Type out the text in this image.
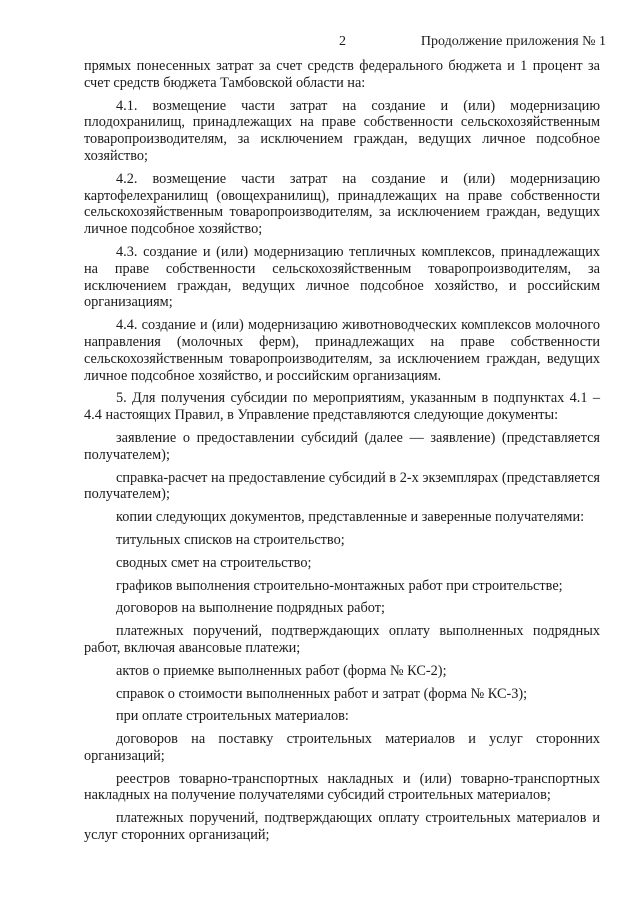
2	Продолжение приложения № 1

прямых понесенных затрат за счет средств федерального бюджета и 1 процент за счет средств бюджета Тамбовской области на:

4.1. возмещение части затрат на создание и (или) модернизацию плодохранилищ, принадлежащих на праве собственности сельскохозяйственным товаропроизводителям, за исключением граждан, ведущих личное подсобное хозяйство;

4.2. возмещение части затрат на создание и (или) модернизацию картофелехранилищ (овощехранилищ), принадлежащих на праве собственности сельскохозяйственным товаропроизводителям, за исключением граждан, ведущих личное подсобное хозяйство;

4.3. создание и (или) модернизацию тепличных комплексов, принадлежащих на праве собственности сельскохозяйственным товаропроизводителям, за исключением граждан, ведущих личное подсобное хозяйство, и российским организациям;

4.4. создание и (или) модернизацию животноводческих комплексов молочного направления (молочных ферм), принадлежащих на праве собственности сельскохозяйственным товаропроизводителям, за исключением граждан, ведущих личное подсобное хозяйство, и российским организациям.

5. Для получения субсидии по мероприятиям, указанным в подпунктах 4.1 – 4.4 настоящих Правил, в Управление представляются следующие документы:

заявление о предоставлении субсидий (далее — заявление) (представляется получателем);

справка-расчет на предоставление субсидий в 2-х экземплярах (представляется получателем);

копии следующих документов, представленные и заверенные получателями:

титульных списков на строительство;

сводных смет на строительство;

графиков выполнения строительно-монтажных работ при строительстве;

договоров на выполнение подрядных работ;

платежных поручений, подтверждающих оплату выполненных подрядных работ, включая авансовые платежи;

актов о приемке выполненных работ (форма № КС-2);

справок о стоимости выполненных работ и затрат (форма № КС-3);

при оплате строительных материалов:

договоров на поставку строительных материалов и услуг сторонних организаций;

реестров товарно-транспортных накладных и (или) товарно-транспортных накладных на получение получателями субсидий строительных материалов;

платежных поручений, подтверждающих оплату строительных материалов и услуг сторонних организаций;
